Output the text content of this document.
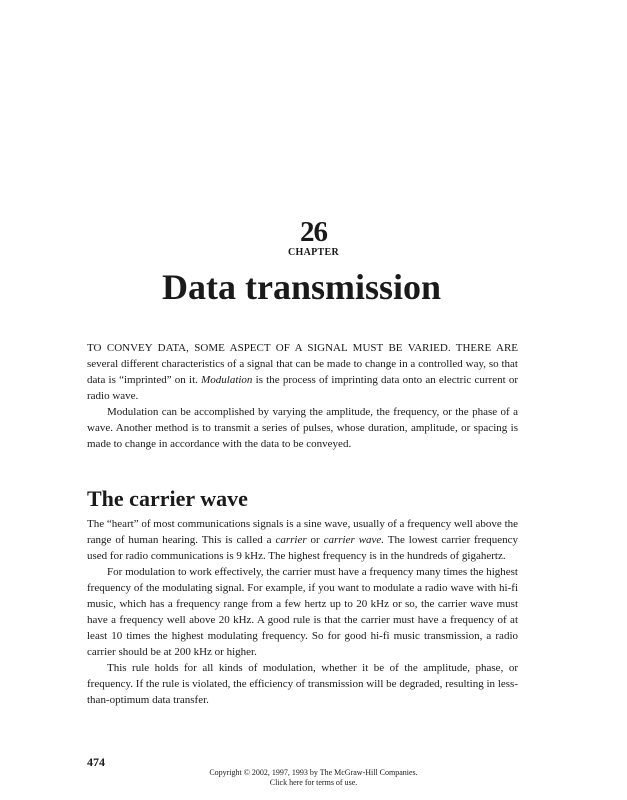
26
CHAPTER
Data transmission

TO CONVEY DATA, SOME ASPECT OF A SIGNAL MUST BE VARIED. THERE ARE several different characteristics of a signal that can be made to change in a controlled way, so that data is “imprinted” on it. Modulation is the process of imprinting data onto an electric current or radio wave.

Modulation can be accomplished by varying the amplitude, the frequency, or the phase of a wave. Another method is to transmit a series of pulses, whose duration, amplitude, or spacing is made to change in accordance with the data to be conveyed.

The carrier wave

The “heart” of most communications signals is a sine wave, usually of a frequency well above the range of human hearing. This is called a carrier or carrier wave. The lowest carrier frequency used for radio communications is 9 kHz. The highest frequency is in the hundreds of gigahertz.

For modulation to work effectively, the carrier must have a frequency many times the highest frequency of the modulating signal. For example, if you want to modulate a radio wave with hi-fi music, which has a frequency range from a few hertz up to 20 kHz or so, the carrier wave must have a frequency well above 20 kHz. A good rule is that the carrier must have a frequency of at least 10 times the highest modulating frequency. So for good hi-fi music transmission, a radio carrier should be at 200 kHz or higher.

This rule holds for all kinds of modulation, whether it be of the amplitude, phase, or frequency. If the rule is violated, the efficiency of transmission will be degraded, resulting in less-than-optimum data transfer.

474
Copyright © 2002, 1997, 1993 by The McGraw-Hill Companies.
Click here for terms of use.
